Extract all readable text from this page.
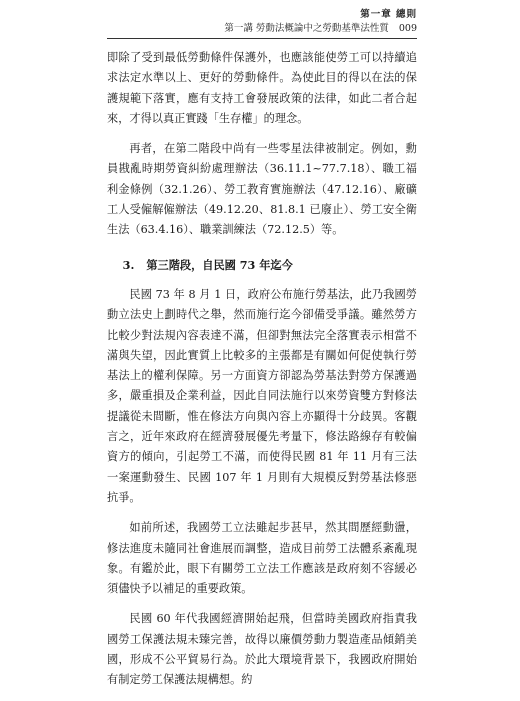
第一章 總則
第一講 勞動法概論中之勞動基準法性質 009

即除了受到最低勞動條件保護外，也應該能使勞工可以持續追求法定水準以上、更好的勞動條件。為使此目的得以在法的保護規範下落實，應有支持工會發展政策的法律，如此二者合起來，才得以真正實踐「生存權」的理念。

再者，在第二階段中尚有一些零星法律被制定。例如，勳員戡亂時期勞資糾紛處理辦法（36.11.1~77.7.18）、職工福利金條例（32.1.26）、勞工教育實施辦法（47.12.16）、廠礦工人受僱解僱辦法（49.12.20、81.8.1 已廢止）、勞工安全衛生法（63.4.16）、職業訓練法（72.12.5）等。

3. 第三階段，自民國 73 年迄今

民國 73 年 8 月 1 日，政府公布施行勞基法，此乃我國勞動立法史上劃時代之舉，然而施行迄今卻備受爭議。雖然勞方比較少對法規內容表達不滿，但卻對無法完全落實表示相當不滿與失望，因此實質上比較多的主張都是有關如何促使執行勞基法上的權利保障。另一方面資方卻認為勞基法對勞方保護過多，嚴重損及企業利益，因此自同法施行以來勞資雙方對修法提議從未間斷，惟在修法方向與內容上亦顯得十分歧異。客觀言之，近年來政府在經濟發展優先考量下，修法路線存有較偏資方的傾向，引起勞工不滿，而使得民國 81 年 11 月有三法一案運動發生、民國 107 年 1 月則有大規模反對勞基法修惡抗爭。

如前所述，我國勞工立法雖起步甚早，然其間歷經動盪，修法進度未隨同社會進展而調整，造成目前勞工法體系紊亂現象。有鑑於此，眼下有關勞工立法工作應該是政府刻不容緩必須儘快予以補足的重要政策。

民國 60 年代我國經濟開始起飛，但當時美國政府指責我國勞工保護法規未臻完善，故得以廉價勞動力製造產品傾銷美國，形成不公平貿易行為。於此大環境背景下，我國政府開始有制定勞工保護法規構想。約
